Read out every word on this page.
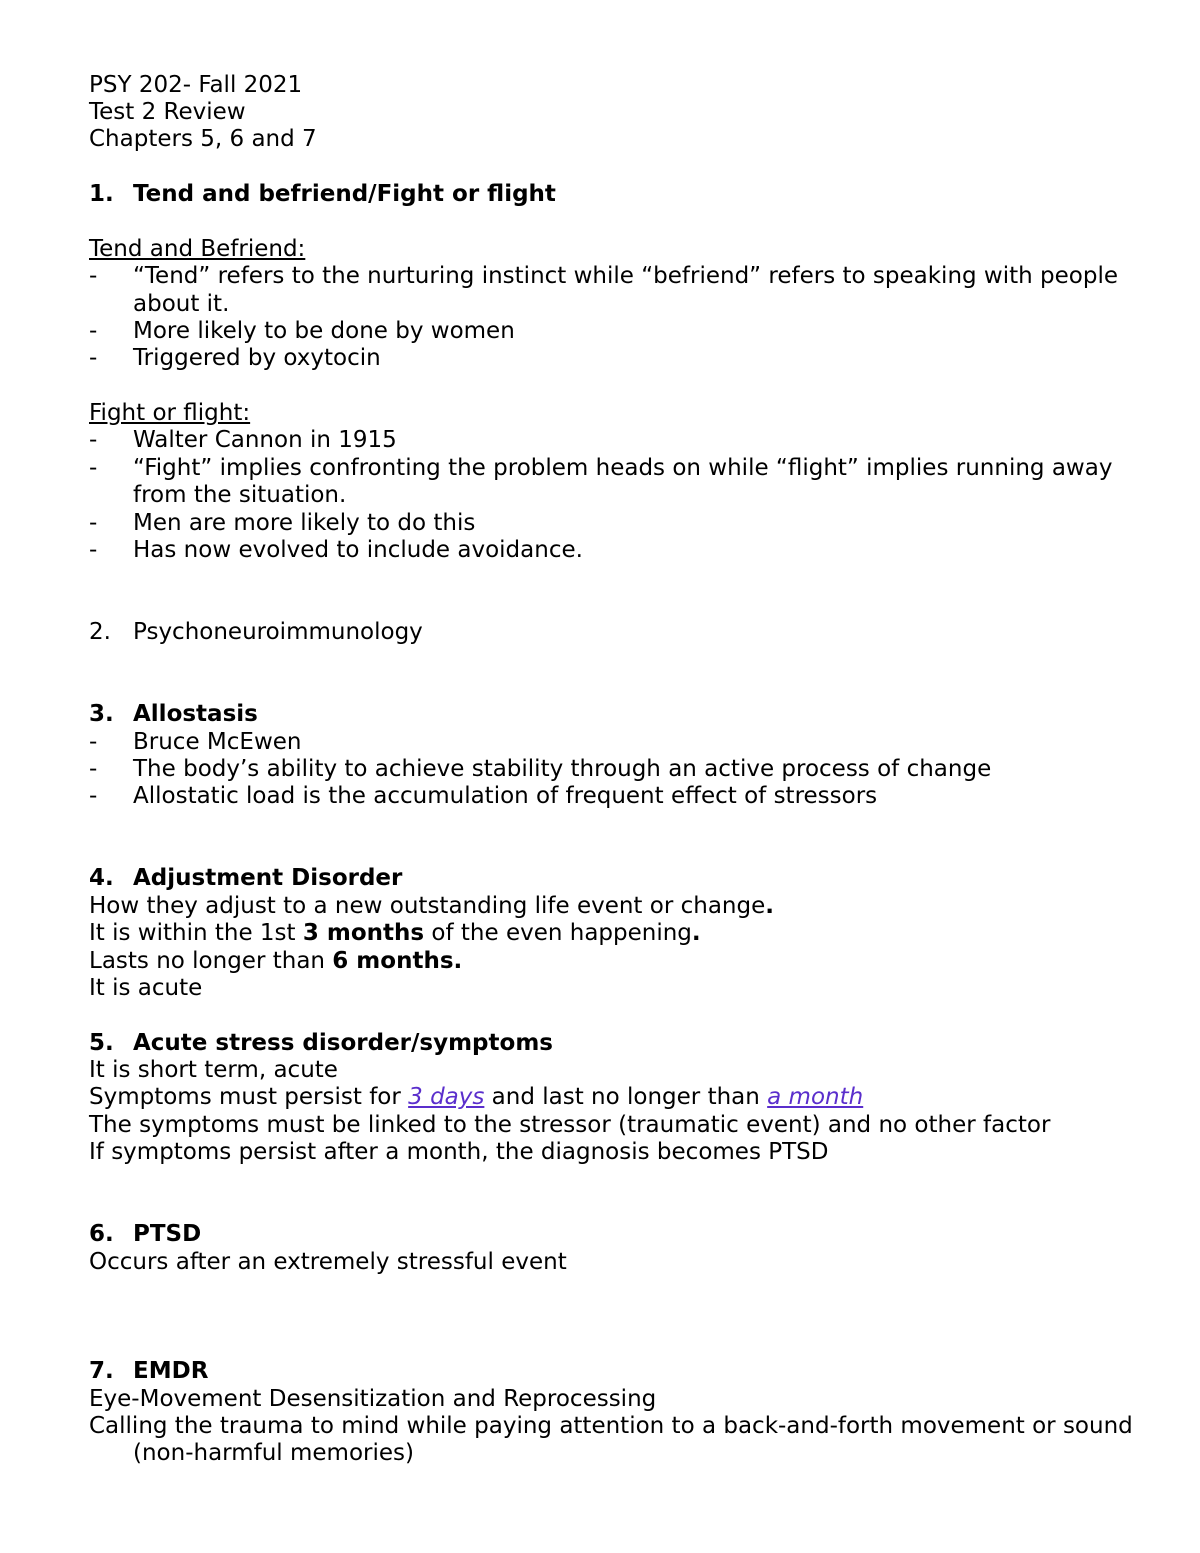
PSY 202- Fall 2021
Test 2 Review
Chapters 5, 6 and 7
1. Tend and befriend/Fight or flight
Tend and Befriend:
- “Tend” refers to the nurturing instinct while “befriend” refers to speaking with people
about it.
- More likely to be done by women
- Triggered by oxytocin
Fight or flight:
- Walter Cannon in 1915
- “Fight” implies confronting the problem heads on while “flight” implies running away
from the situation.
- Men are more likely to do this
- Has now evolved to include avoidance.
2. Psychoneuroimmunology
3. Allostasis
- Bruce McEwen
- The body’s ability to achieve stability through an active process of change
- Allostatic load is the accumulation of frequent effect of stressors
4. Adjustment Disorder
How they adjust to a new outstanding life event or change.
It is within the 1st 3 months of the even happening.
Lasts no longer than 6 months.
It is acute
5. Acute stress disorder/symptoms
It is short term, acute
Symptoms must persist for 3 days and last no longer than a month
The symptoms must be linked to the stressor (traumatic event) and no other factor
If symptoms persist after a month, the diagnosis becomes PTSD
6. PTSD
Occurs after an extremely stressful event
7. EMDR
Eye-Movement Desensitization and Reprocessing
Calling the trauma to mind while paying attention to a back-and-forth movement or sound
(non-harmful memories)
